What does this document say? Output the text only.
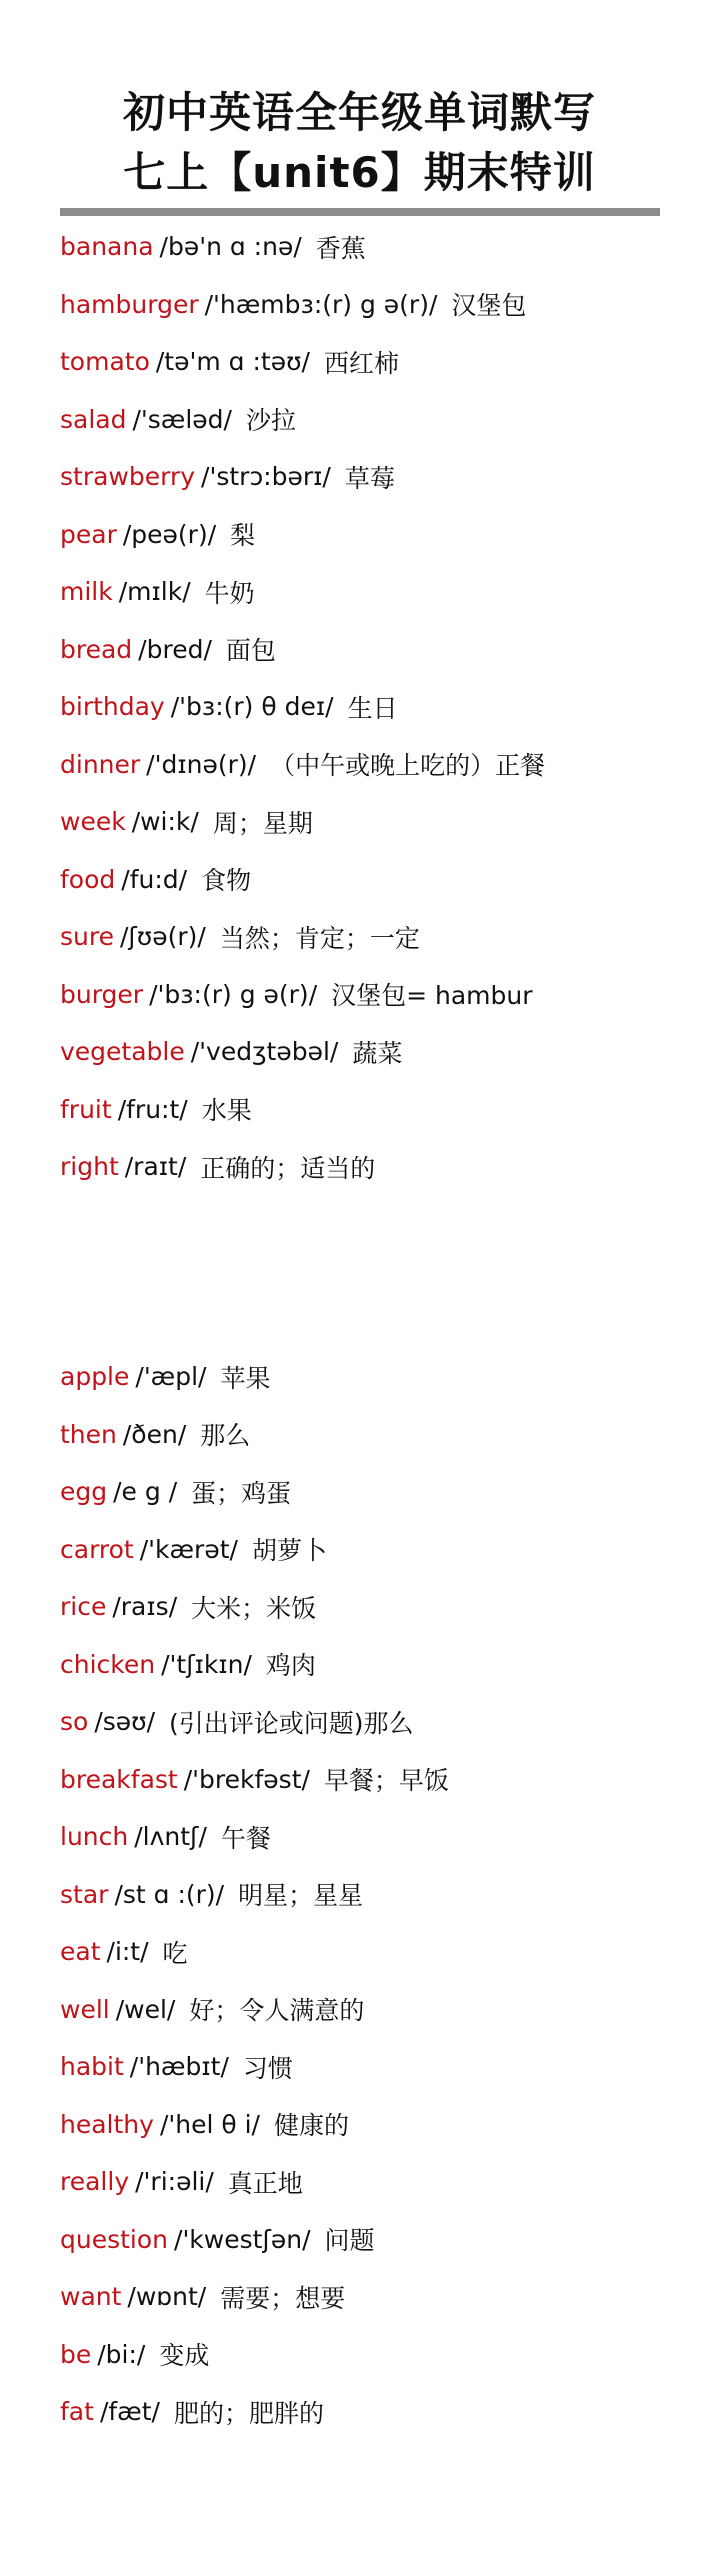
初中英语全年级单词默写
七上【unit6】期末特训
banana /bə'n ɑ :nə/ 香蕉
hamburger /'hæmbɜ:(r) g ə(r)/ 汉堡包
tomato /tə'm ɑ :təʊ/ 西红柿
salad /'sæləd/ 沙拉
strawberry /'strɔ:bərɪ/ 草莓
pear /peə(r)/ 梨
milk /mɪlk/ 牛奶
bread /bred/ 面包
birthday /'bɜ:(r) θ deɪ/ 生日
dinner /'dɪnə(r)/ （中午或晚上吃的）正餐
week /wi:k/ 周；星期
food /fu:d/ 食物
sure /ʃʊə(r)/ 当然；肯定；一定
burger /'bɜ:(r) g ə(r)/ 汉堡包= hambur
vegetable /'vedʒtəbəl/ 蔬菜
fruit /fru:t/ 水果
right /raɪt/ 正确的；适当的
apple /'æpl/ 苹果
then /ðen/ 那么
egg /e g / 蛋；鸡蛋
carrot /'kærət/ 胡萝卜
rice /raɪs/ 大米；米饭
chicken /'tʃɪkɪn/ 鸡肉
so /səʊ/ (引出评论或问题)那么
breakfast /'brekfəst/ 早餐；早饭
lunch /lʌntʃ/ 午餐
star /st ɑ :(r)/ 明星；星星
eat /i:t/ 吃
well /wel/ 好；令人满意的
habit /'hæbɪt/ 习惯
healthy /'hel θ i/ 健康的
really /'ri:əli/ 真正地
question /'kwestʃən/ 问题
want /wɒnt/ 需要；想要
be /bi:/ 变成
fat /fæt/ 肥的；肥胖的
